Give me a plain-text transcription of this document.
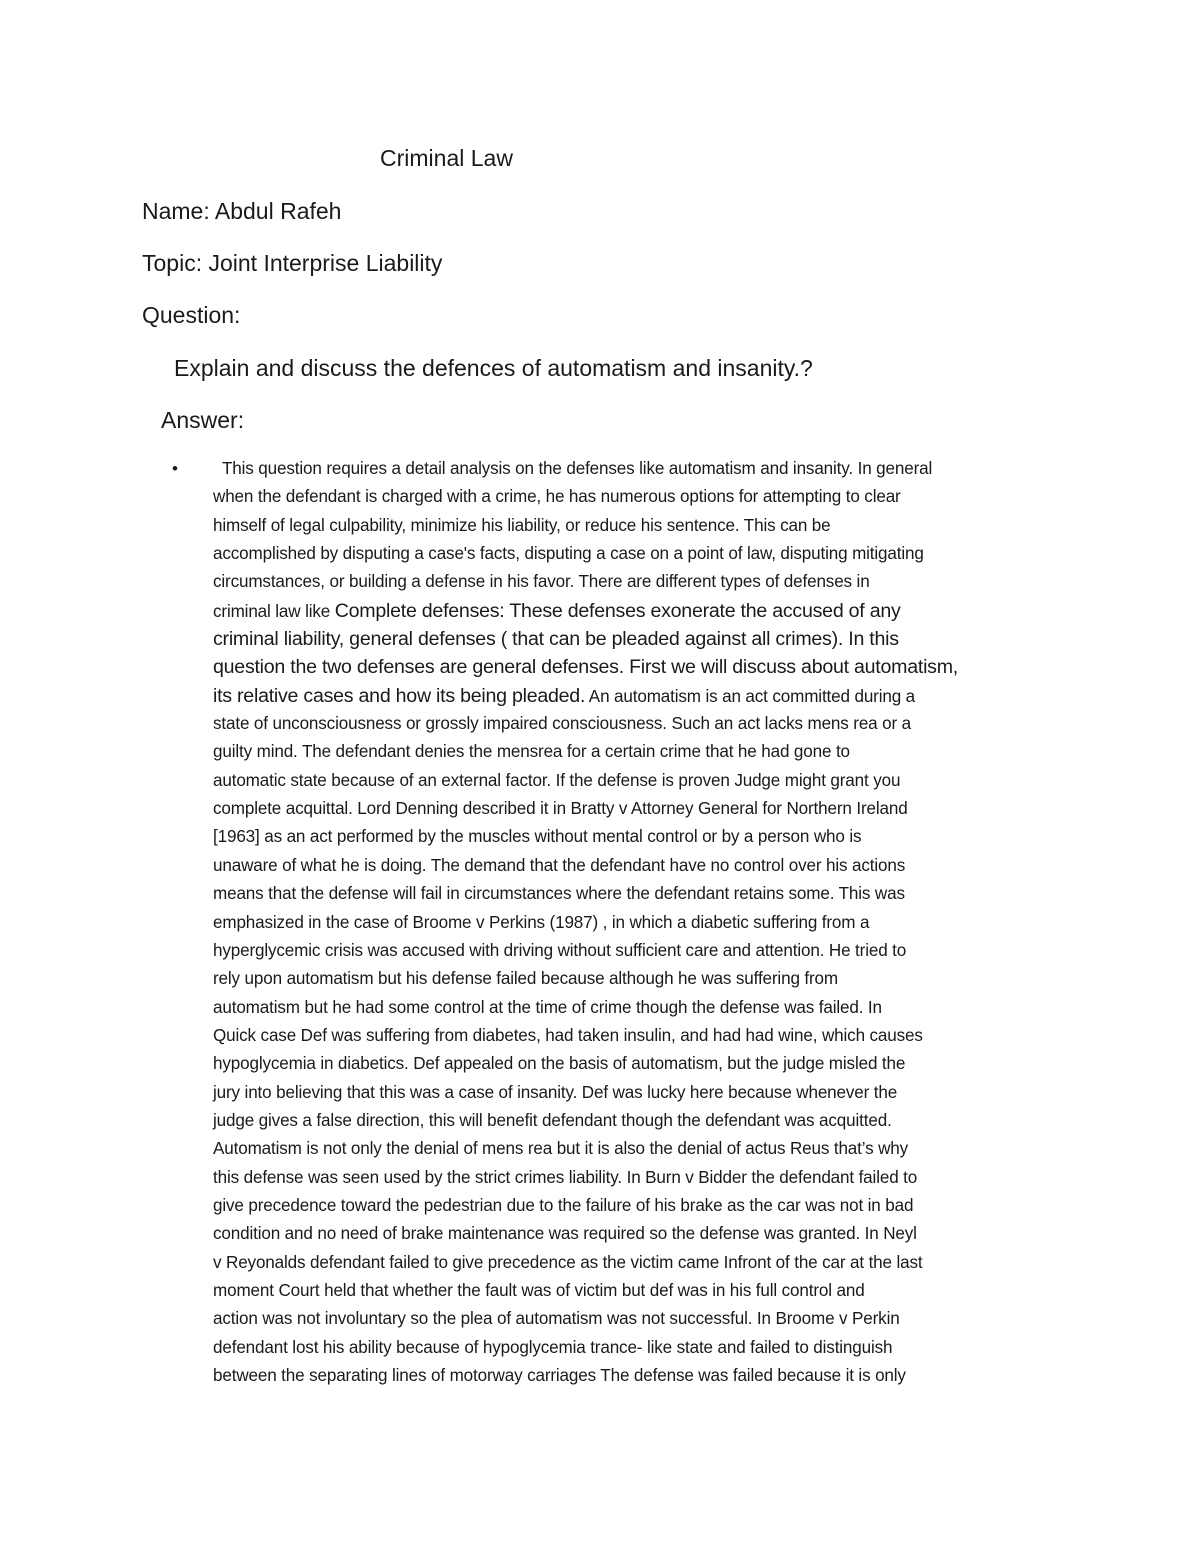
Criminal Law
Name: Abdul Rafeh
Topic: Joint Interprise Liability
Question:
Explain and discuss the defences of automatism and insanity.?
Answer:
•	This question requires a detail analysis on the defenses like automatism and insanity. In general
when the defendant is charged with a crime, he has numerous options for attempting to clear
himself of legal culpability, minimize his liability, or reduce his sentence. This can be
accomplished by disputing a case's facts, disputing a case on a point of law, disputing mitigating
circumstances, or building a defense in his favor. There are different types of defenses in
criminal law like Complete defenses: These defenses exonerate the accused of any
criminal liability, general defenses ( that can be pleaded against all crimes). In this
question the two defenses are general defenses. First we will discuss about automatism,
its relative cases and how its being pleaded. An automatism is an act committed during a
state of unconsciousness or grossly impaired consciousness. Such an act lacks mens rea or a
guilty mind. The defendant denies the mensrea for a certain crime that he had gone to
automatic state because of an external factor. If the defense is proven Judge might grant you
complete acquittal. Lord Denning described it in Bratty v Attorney General for Northern Ireland
[1963] as an act performed by the muscles without mental control or by a person who is
unaware of what he is doing. The demand that the defendant have no control over his actions
means that the defense will fail in circumstances where the defendant retains some. This was
emphasized in the case of Broome v Perkins (1987) , in which a diabetic suffering from a
hyperglycemic crisis was accused with driving without sufficient care and attention. He tried to
rely upon automatism but his defense failed because although he was suffering from
automatism but he had some control at the time of crime though the defense was failed. In
Quick case Def was suffering from diabetes, had taken insulin, and had had wine, which causes
hypoglycemia in diabetics. Def appealed on the basis of automatism, but the judge misled the
jury into believing that this was a case of insanity. Def was lucky here because whenever the
judge gives a false direction, this will benefit defendant though the defendant was acquitted.
Automatism is not only the denial of mens rea but it is also the denial of actus Reus that’s why
this defense was seen used by the strict crimes liability. In Burn v Bidder the defendant failed to
give precedence toward the pedestrian due to the failure of his brake as the car was not in bad
condition and no need of brake maintenance was required so the defense was granted. In Neyl
v Reyonalds defendant failed to give precedence as the victim came Infront of the car at the last
moment Court held that whether the fault was of victim but def was in his full control and
action was not involuntary so the plea of automatism was not successful. In Broome v Perkin
defendant lost his ability because of hypoglycemia trance- like state and failed to distinguish
between the separating lines of motorway carriages The defense was failed because it is only
